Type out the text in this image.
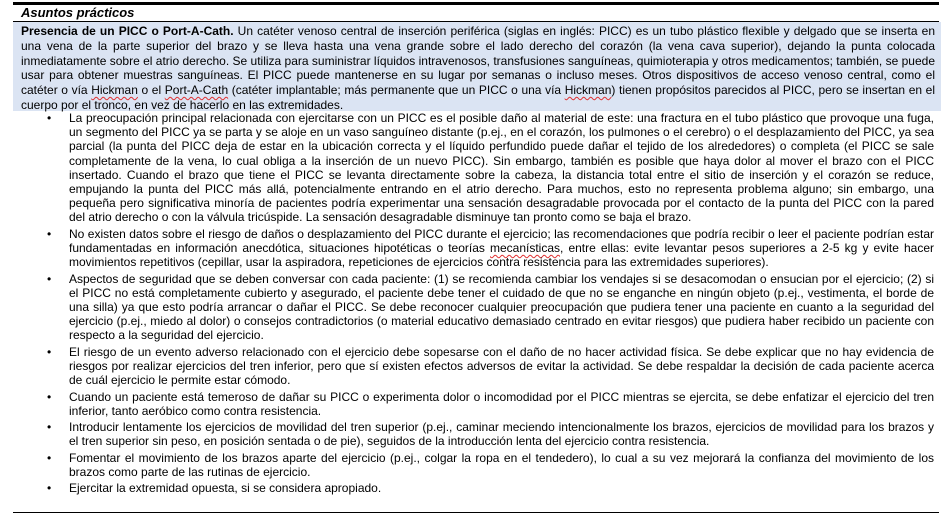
Asuntos prácticos
Presencia de un PICC o Port-A-Cath. Un catéter venoso central de inserción periférica (siglas en inglés: PICC) es un tubo plástico flexible y delgado que se inserta en una vena de la parte superior del brazo y se lleva hasta una vena grande sobre el lado derecho del corazón (la vena cava superior), dejando la punta colocada inmediatamente sobre el atrio derecho. Se utiliza para suministrar líquidos intravenosos, transfusiones sanguíneas, quimioterapia y otros medicamentos; también, se puede usar para obtener muestras sanguíneas. El PICC puede mantenerse en su lugar por semanas o incluso meses. Otros dispositivos de acceso venoso central, como el catéter o vía Hickman o el Port-A-Cath (catéter implantable; más permanente que un PICC o una vía Hickman) tienen propósitos parecidos al PICC, pero se insertan en el cuerpo por el tronco, en vez de hacerlo en las extremidades.
• La preocupación principal relacionada con ejercitarse con un PICC es el posible daño al material de este: una fractura en el tubo plástico que provoque una fuga, un segmento del PICC ya se parta y se aloje en un vaso sanguíneo distante (p.ej., en el corazón, los pulmones o el cerebro) o el desplazamiento del PICC, ya sea parcial (la punta del PICC deja de estar en la ubicación correcta y el líquido perfundido puede dañar el tejido de los alrededores) o completa (el PICC se sale completamente de la vena, lo cual obliga a la inserción de un nuevo PICC). Sin embargo, también es posible que haya dolor al mover el brazo con el PICC insertado. Cuando el brazo que tiene el PICC se levanta directamente sobre la cabeza, la distancia total entre el sitio de inserción y el corazón se reduce, empujando la punta del PICC más allá, potencialmente entrando en el atrio derecho. Para muchos, esto no representa problema alguno; sin embargo, una pequeña pero significativa minoría de pacientes podría experimentar una sensación desagradable provocada por el contacto de la punta del PICC con la pared del atrio derecho o con la válvula tricúspide. La sensación desagradable disminuye tan pronto como se baja el brazo.
• No existen datos sobre el riesgo de daños o desplazamiento del PICC durante el ejercicio; las recomendaciones que podría recibir o leer el paciente podrían estar fundamentadas en información anecdótica, situaciones hipotéticas o teorías mecanísticas, entre ellas: evite levantar pesos superiores a 2-5 kg y evite hacer movimientos repetitivos (cepillar, usar la aspiradora, repeticiones de ejercicios contra resistencia para las extremidades superiores).
• Aspectos de seguridad que se deben conversar con cada paciente: (1) se recomienda cambiar los vendajes si se desacomodan o ensucian por el ejercicio; (2) si el PICC no está completamente cubierto y asegurado, el paciente debe tener el cuidado de que no se enganche en ningún objeto (p.ej., vestimenta, el borde de una silla) ya que esto podría arrancar o dañar el PICC. Se debe reconocer cualquier preocupación que pudiera tener una paciente en cuanto a la seguridad del ejercicio (p.ej., miedo al dolor) o consejos contradictorios (o material educativo demasiado centrado en evitar riesgos) que pudiera haber recibido un paciente con respecto a la seguridad del ejercicio.
• El riesgo de un evento adverso relacionado con el ejercicio debe sopesarse con el daño de no hacer actividad física. Se debe explicar que no hay evidencia de riesgos por realizar ejercicios del tren inferior, pero que sí existen efectos adversos de evitar la actividad. Se debe respaldar la decisión de cada paciente acerca de cuál ejercicio le permite estar cómodo.
• Cuando un paciente está temeroso de dañar su PICC o experimenta dolor o incomodidad por el PICC mientras se ejercita, se debe enfatizar el ejercicio del tren inferior, tanto aeróbico como contra resistencia.
• Introducir lentamente los ejercicios de movilidad del tren superior (p.ej., caminar meciendo intencionalmente los brazos, ejercicios de movilidad para los brazos y el tren superior sin peso, en posición sentada o de pie), seguidos de la introducción lenta del ejercicio contra resistencia.
• Fomentar el movimiento de los brazos aparte del ejercicio (p.ej., colgar la ropa en el tendedero), lo cual a su vez mejorará la confianza del movimiento de los brazos como parte de las rutinas de ejercicio.
• Ejercitar la extremidad opuesta, si se considera apropiado.
